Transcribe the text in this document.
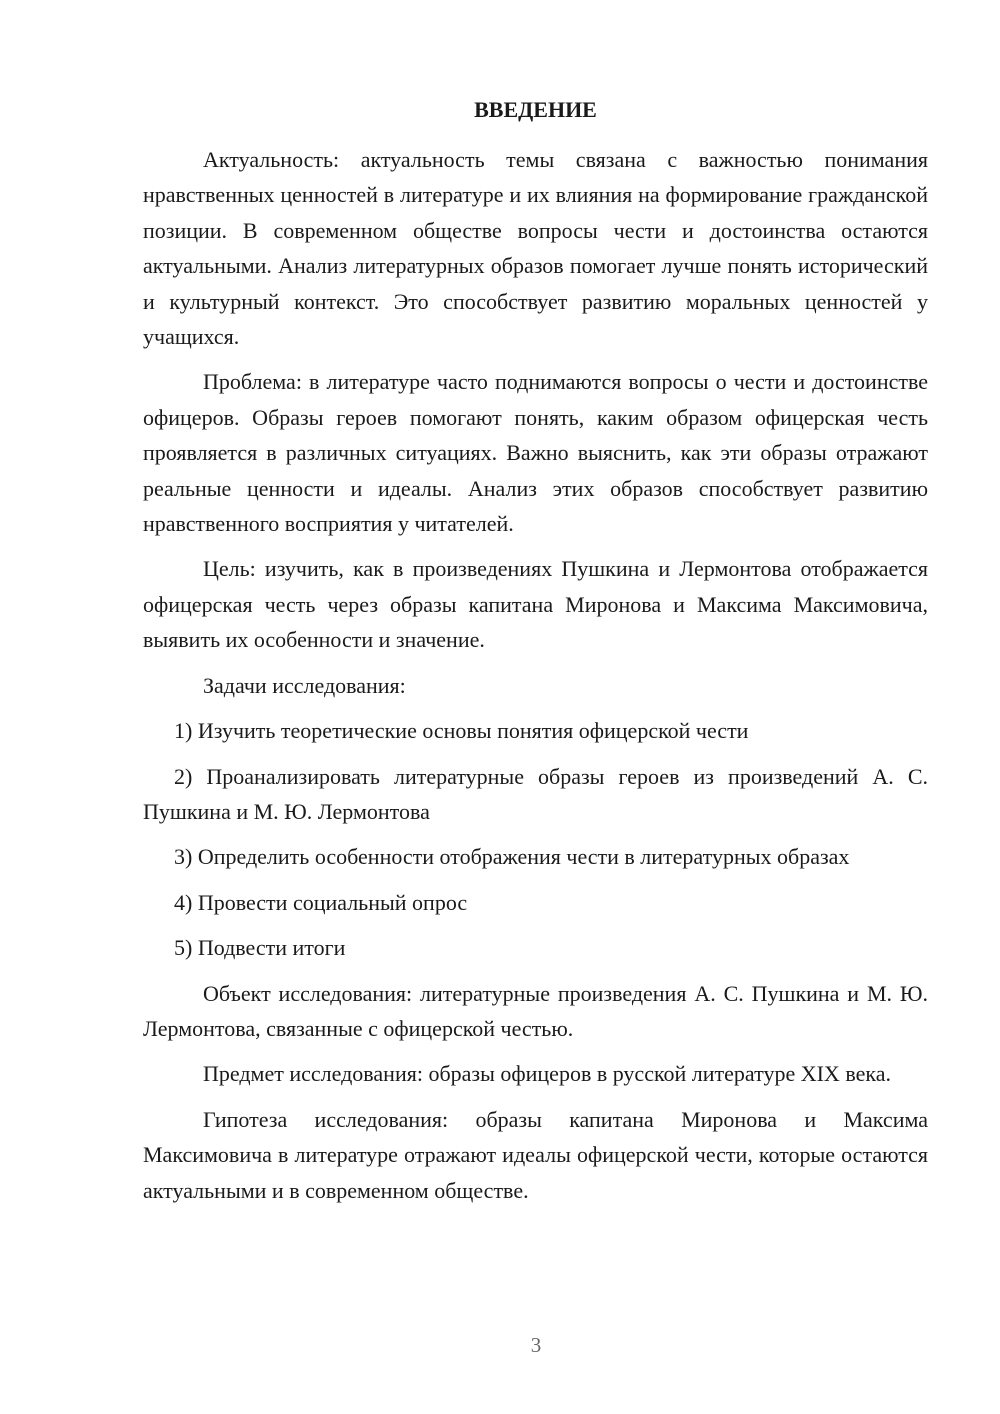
ВВЕДЕНИЕ

Актуальность: актуальность темы связана с важностью понимания нравственных ценностей в литературе и их влияния на формирование гражданской позиции. В современном обществе вопросы чести и достоинства остаются актуальными. Анализ литературных образов помогает лучше понять исторический и культурный контекст. Это способствует развитию моральных ценностей у учащихся.

Проблема: в литературе часто поднимаются вопросы о чести и достоинстве офицеров. Образы героев помогают понять, каким образом офицерская честь проявляется в различных ситуациях. Важно выяснить, как эти образы отражают реальные ценности и идеалы. Анализ этих образов способствует развитию нравственного восприятия у читателей.

Цель: изучить, как в произведениях Пушкина и Лермонтова отображается офицерская честь через образы капитана Миронова и Максима Максимовича, выявить их особенности и значение.

Задачи исследования:

1) Изучить теоретические основы понятия офицерской чести

2) Проанализировать литературные образы героев из произведений А. С. Пушкина и М. Ю. Лермонтова

3) Определить особенности отображения чести в литературных образах

4) Провести социальный опрос

5) Подвести итоги

Объект исследования: литературные произведения А. С. Пушкина и М. Ю. Лермонтова, связанные с офицерской честью.

Предмет исследования: образы офицеров в русской литературе XIX века.

Гипотеза исследования: образы капитана Миронова и Максима Максимовича в литературе отражают идеалы офицерской чести, которые остаются актуальными и в современном обществе.

3
